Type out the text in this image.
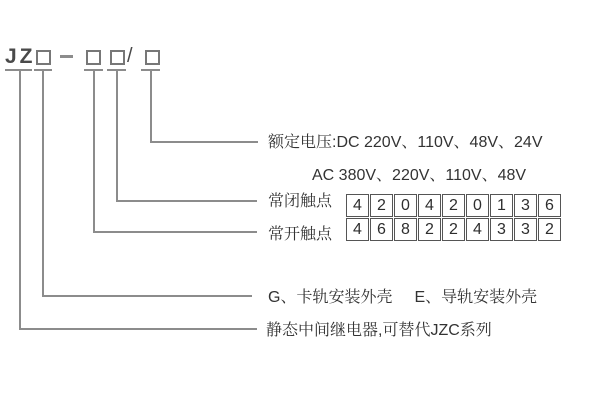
JZ	/
额定电压:DC 220V、110V、48V、24V
AC 380V、220V、110V、48V
常闭触点
常开触点
G、卡轨安装外壳 E、导轨安装外壳
静态中间继电器,可替代JZC系列
4	2	0	4	2	0	1	3	6
4	6	8	2	2	4	3	3	2
